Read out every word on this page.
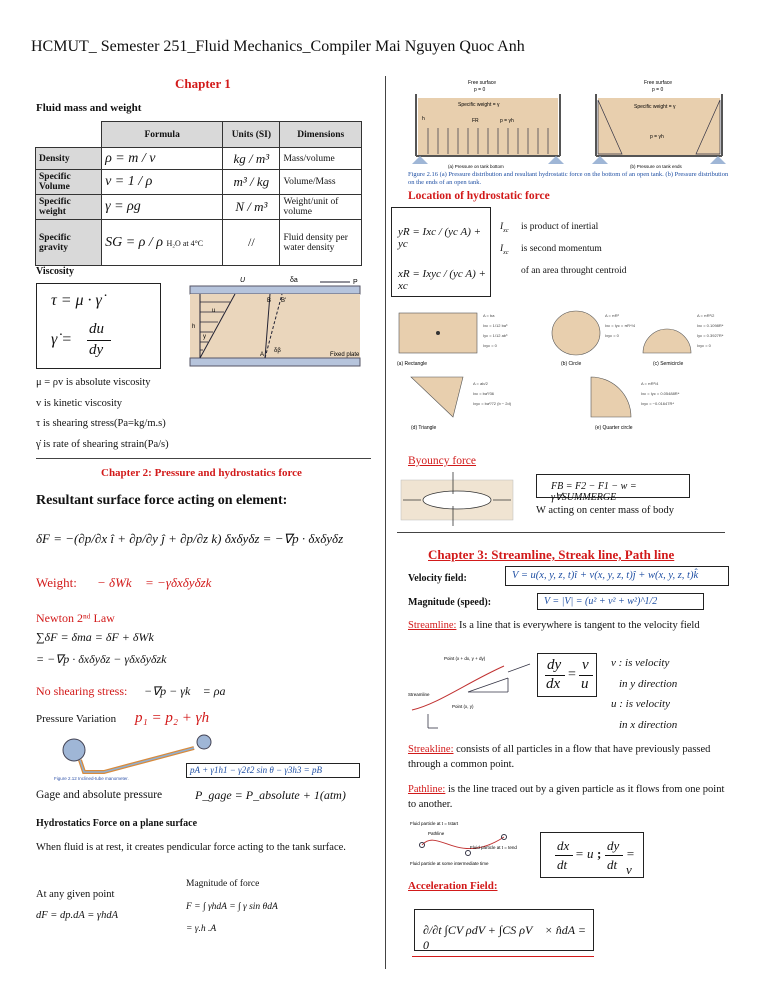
HCMUT_ Semester 251_Fluid Mechanics_Compiler Mai Nguyen Quoc Anh
Chapter 1
Fluid mass and weight
	Formula	Units (SI)	Dimensions
Density	ρ = m / v	kg / m³	Mass/volume
Specific Volume	v = 1 / ρ	m³ / kg	Volume/Mass
Specific weight	γ = ρg	N / m³	Weight/unit of volume
Specific gravity	SG = ρ / ρ H₂O at 4°C	//	Fluid density per water density
Viscosity
τ = μ · γ̇
γ̇ =
du
dy
P
U	δa
B B'
h
y
u
A
δβ
Fixed plate
μ = ρv is absolute viscosity
v is kinetic viscosity
τ is shearing stress(Pa=kg/m.s)
γ̇ is rate of shearing strain(Pa/s)
Chapter 2: Pressure and hydrostatics force
Resultant surface force acting on element:
δF = −(∂p/∂x î + ∂p/∂y ĵ + ∂p/∂z k) δxδyδz = −∇p · δxδyδz
Weight: − δWk⃗ = −γδxδyδzk⃗
Newton 2ⁿᵈ Law
∑δF = δma = δF + δWk⃗
= −∇p · δxδyδz − γδxδyδzk⃗
No shearing stress: −∇p − γk⃗ = ρa
Pressure Variation p₁ = p₂ + γh
Figure 2.12 Inclined-tube manometer.
pA + γ1h1 − γ2ℓ2 sin θ − γ3h3 = pB
Gage and absolute pressure	P_gage = P_absolute + 1(atm)
Hydrostatics Force on a plane surface
When fluid is at rest, it creates pendicular force acting to the tank surface.
Magnitude of force
At any given point
F = ∫ γhdA = ∫ γ sin θdA
dF = dp.dA = γhdA
= γ.h .A
Free surface
p = 0
Specific weight = γ
h	p = γh
FR
(a) Pressure on tank bottom
Free surface
p = 0
Specific weight = γ
p = γh
(b) Pressure on tank ends
Figure 2.16 (a) Pressure distribution and resultant hydrostatic force on the bottom of an open tank. (b) Pressure distribution on the ends of an open tank.
Location of hydrostatic force
yR = Ixc / (yc A) + yc
xR = Ixyc / (yc A) + xc
$I_{xc}$ is product of inertial
$I_{xc}$ is second momentum
of an area throught centroid
(a) Rectangle
A = ba
Ixc = 1/12 ba³
Iyc = 1/12 ab³
Ixyc = 0
(b) Circle
A = πR²
Ixc = Iyc = πR⁴/4
Ixyc = 0
(c) Semicircle
A = πR²/2
Ixc = 0.1098R⁴
Iyc = 0.3927R⁴
Ixyc = 0
(d) Triangle
A = ab/2
Ixc = ba³/36
Ixyc = ba²/72 (b − 2d)
(e) Quarter circle
A = πR²/4
Ixc = Iyc = 0.05488R⁴
Ixyc = −0.01647R⁴
Byouncy force
FB = F2 − F1 − w = γ∀SUMMERGE
W acting on center mass of body
Chapter 3: Streamline, Streak line, Path line
Velocity field:	V = u(x, y, z, t)î + v(x, y, z, t)ĵ + w(x, y, z, t)k̂
Magnitude (speed):	V = |V| = (u² + v² + w²)^1/2
Streamline: Is a line that is everywhere is tangent to the velocity field
Point (x + dx, y + dy)
Point (x, y)
Streamline
dy
dx
=
v
u
v : is velocity
in y direction
u : is velocity
in x direction
Streakline: consists of all particles in a flow that have previously passed through a common point.
Pathline: is the line traced out by a given particle as it flows from one point to another.
Fluid particle at t = tstart
Pathline
Fluid particle at t = tend
Fluid particle at some intermediate time
dx
dt
= u ;
dy
dt
= v
Acceleration Field:
∂/∂t ∫CV ρdV + ∫CS ρV⃗ × n̂dA = 0
